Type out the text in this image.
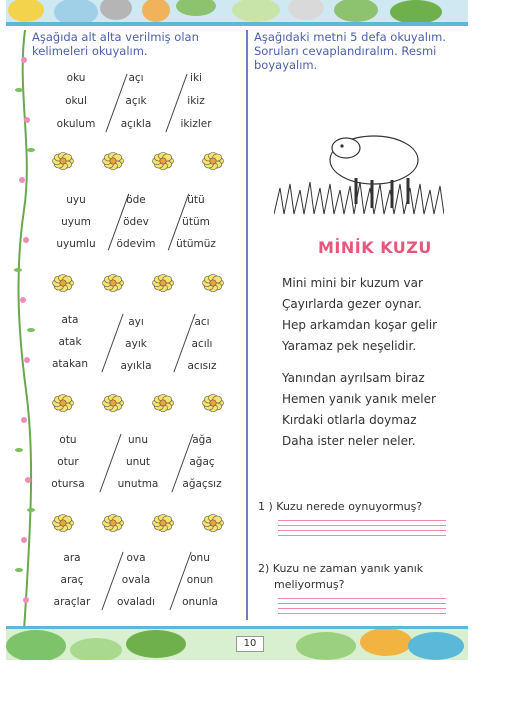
Aşağıda alt alta verilmiş olan kelimeleri okuyalım.
oku
okul
okulum
açı
açık
açıkla
iki
ikiz
ikizler
uyu
uyum
uyumlu
öde
ödev
ödevim
ütü
ütüm
ütümüz
ata
atak
atakan
ayı
ayık
ayıkla
acı
acılı
acısız
otu
otur
otursa
unu
unut
unutma
ağa
ağaç
ağaçsız
ara
araç
araçlar
ova
ovala
ovaladı
onu
onun
onunla
Aşağıdaki metni 5 defa okuyalım. Soruları cevaplandıralım. Resmi boyayalım.
MİNİK KUZU
Mini mini bir kuzum var
Çayırlarda gezer oynar.
Hep arkamdan koşar gelir
Yaramaz pek neşelidir.
Yanından ayrılsam biraz
Hemen yanık yanık meler
Kırdaki otlarla doymaz
Daha ister neler neler.
1 ) Kuzu nerede oynuyormuş?
2) Kuzu ne zaman yanık yanık
meliyormuş?
10
